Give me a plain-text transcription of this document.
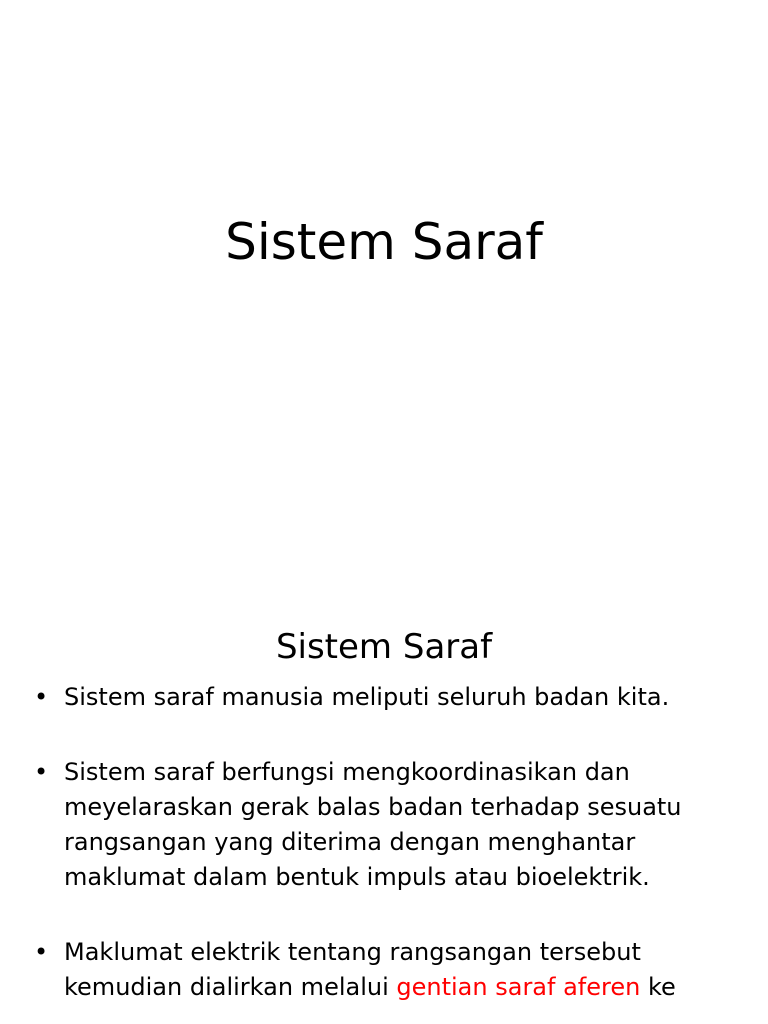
Sistem Saraf
Sistem Saraf
• Sistem saraf manusia meliputi seluruh badan kita.
• Sistem saraf berfungsi mengkoordinasikan dan meyelaraskan gerak balas badan terhadap sesuatu rangsangan yang diterima dengan menghantar maklumat dalam bentuk impuls atau bioelektrik.
• Maklumat elektrik tentang rangsangan tersebut kemudian dialirkan melalui gentian saraf aferen ke
